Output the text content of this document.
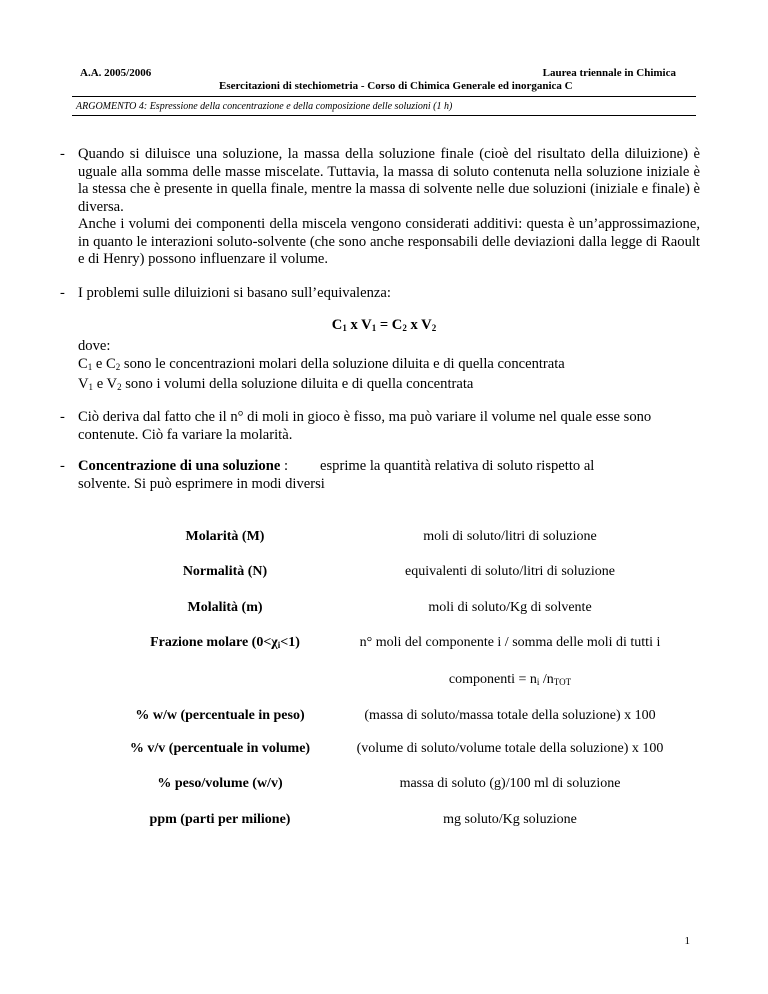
A.A. 2005/2006	Laurea triennale in Chimica
Esercitazioni di stechiometria - Corso di Chimica Generale ed inorganica C
ARGOMENTO 4: Espressione della concentrazione e della composizione delle soluzioni (1 h)
- Quando si diluisce una soluzione, la massa della soluzione finale (cioè del risultato della diluizione) è uguale alla somma delle masse miscelate. Tuttavia, la massa di soluto contenuta nella soluzione iniziale è la stessa che è presente in quella finale, mentre la massa di solvente nelle due soluzioni (iniziale e finale) è diversa.
Anche i volumi dei componenti della miscela vengono considerati additivi: questa è un’approssimazione, in quanto le interazioni soluto-solvente (che sono anche responsabili delle deviazioni dalla legge di Raoult e di Henry) possono influenzare il volume.
- I problemi sulle diluizioni si basano sull’equivalenza:
$C_1$ x $V_1 = C_2$ x $V_2$
dove:
$C_1$ e $C_2$ sono le concentrazioni molari della soluzione diluita e di quella concentrata
$V_1$ e $V_2$ sono i volumi della soluzione diluita e di quella concentrata
- Ciò deriva dal fatto che il n° di moli in gioco è fisso, ma può variare il volume nel quale esse sono contenute. Ciò fa variare la molarità.
- Concentrazione di una soluzione : esprime la quantità relativa di soluto rispetto al
solvente. Si può esprimere in modi diversi
Molarità (M)	moli di soluto/litri di soluzione
Normalità (N)	equivalenti di soluto/litri di soluzione
Molalità (m)	moli di soluto/Kg di solvente
Frazione molare $(0<\chi_i<1)$	n° moli del componente i / somma delle moli di tutti i
componenti = $n_i$ $/n_{TOT}$
% w/w (percentuale in peso)	(massa di soluto/massa totale della soluzione) x 100
% v/v (percentuale in volume)	(volume di soluto/volume totale della soluzione) x 100
% peso/volume (w/v)	massa di soluto (g)/100 ml di soluzione
ppm (parti per milione)	mg soluto/Kg soluzione
1
